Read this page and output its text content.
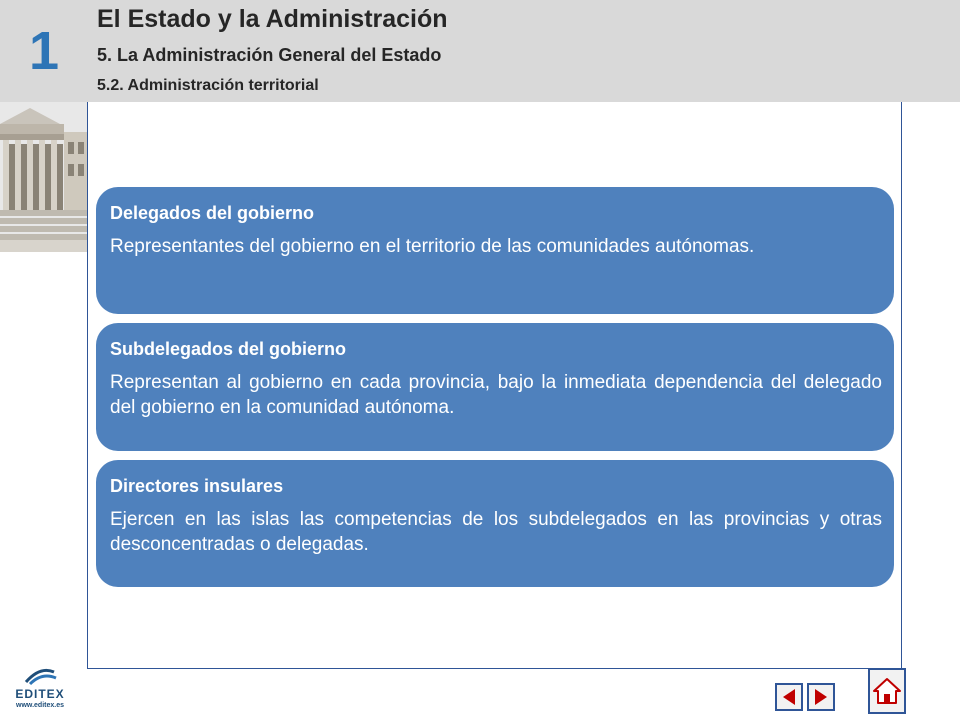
1
El Estado y la Administración
5. La Administración General del Estado
5.2. Administración territorial
Delegados del gobierno
Representantes del gobierno en el territorio de las comunidades autónomas.
Subdelegados del gobierno
Representan al gobierno en cada provincia, bajo la inmediata dependencia del delegado del gobierno en la comunidad autónoma.
Directores insulares
Ejercen en las islas las competencias de los subdelegados en las provincias y otras desconcentradas o delegadas.
EDITEX
www.editex.es
